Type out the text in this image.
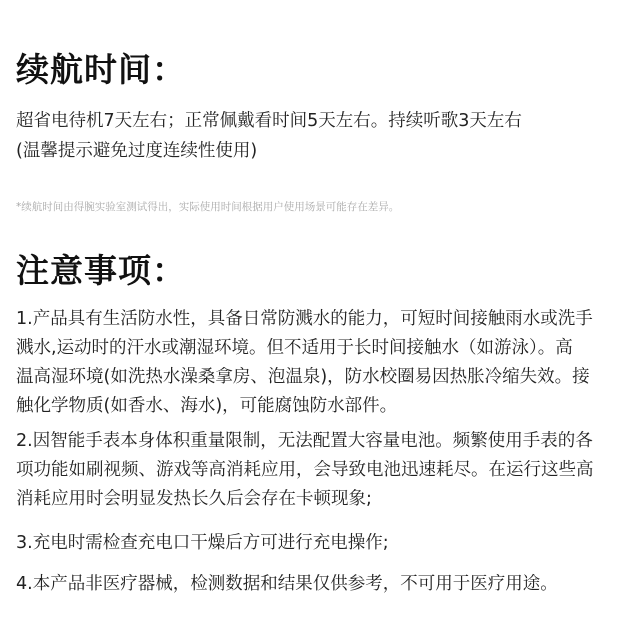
续航时间：

超省电待机7天左右；正常佩戴看时间5天左右。持续听歌3天左右

(温馨提示避免过度连续性使用)

*续航时间由得腕实验室测试得出，实际使用时间根据用户使用场景可能存在差异。

注意事项：

1.产品具有生活防水性，具备日常防溅水的能力，可短时间接触雨水或洗手
溅水,运动时的汗水或潮湿环境。但不适用于长时间接触水（如游泳）。高
温高湿环境(如洗热水澡桑拿房、泡温泉)，防水校圈易因热胀冷缩失效。接
触化学物质(如香水、海水)，可能腐蚀防水部件。

2.因智能手表本身体积重量限制，无法配置大容量电池。频繁使用手表的各
项功能如刷视频、游戏等高消耗应用，会导致电池迅速耗尽。在运行这些高
消耗应用时会明显发热长久后会存在卡顿现象;

3.充电时需检查充电口干燥后方可进行充电操作;

4.本产品非医疗器械，检测数据和结果仅供参考，不可用于医疗用途。
